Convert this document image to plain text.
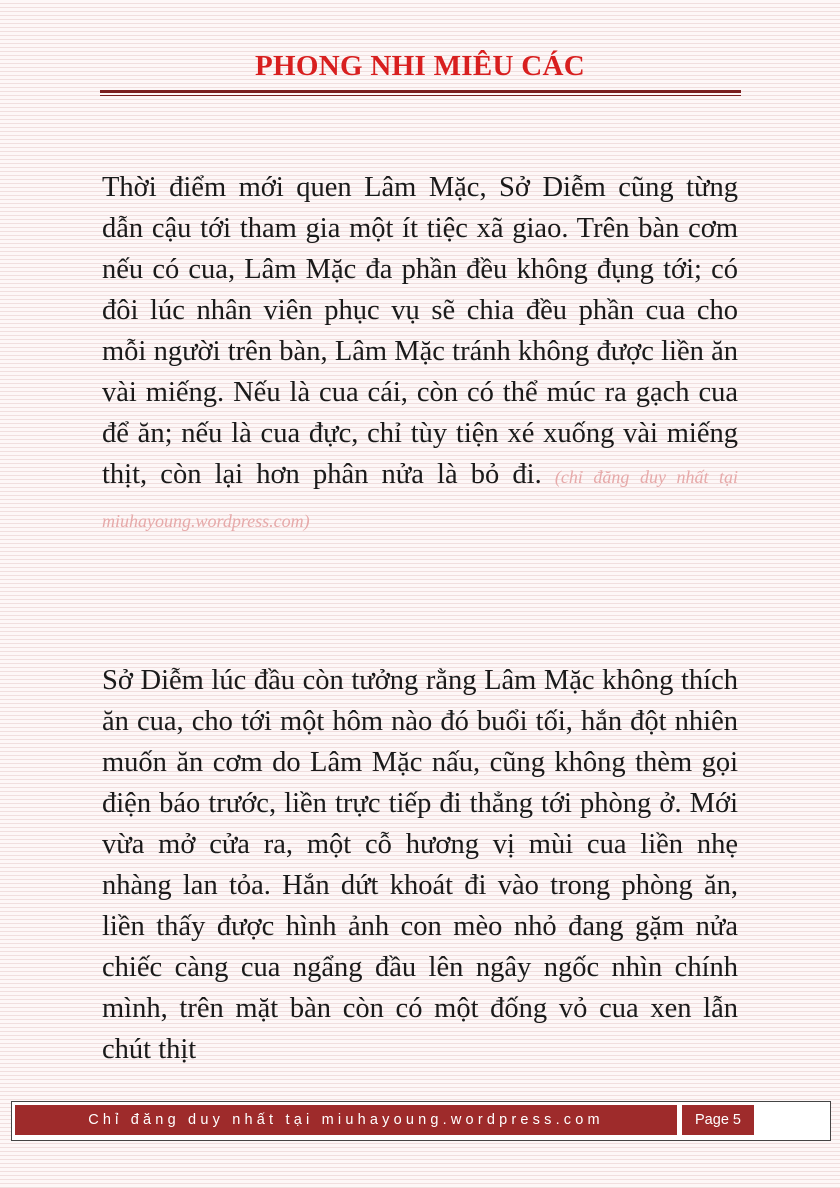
PHONG NHI MIÊU CÁC
Thời điểm mới quen Lâm Mặc, Sở Diễm cũng từng dẫn cậu tới tham gia một ít tiệc xã giao. Trên bàn cơm nếu có cua, Lâm Mặc đa phần đều không đụng tới; có đôi lúc nhân viên phục vụ sẽ chia đều phần cua cho mỗi người trên bàn, Lâm Mặc tránh không được liền ăn vài miếng. Nếu là cua cái, còn có thể múc ra gạch cua để ăn; nếu là cua đực, chỉ tùy tiện xé xuống vài miếng thịt, còn lại hơn phân nửa là bỏ đi. (chỉ đăng duy nhất tại miuhayoung.wordpress.com)
Sở Diễm lúc đầu còn tưởng rằng Lâm Mặc không thích ăn cua, cho tới một hôm nào đó buổi tối, hắn đột nhiên muốn ăn cơm do Lâm Mặc nấu, cũng không thèm gọi điện báo trước, liền trực tiếp đi thẳng tới phòng ở. Mới vừa mở cửa ra, một cỗ hương vị mùi cua liền nhẹ nhàng lan tỏa. Hắn dứt khoát đi vào trong phòng ăn, liền thấy được hình ảnh con mèo nhỏ đang gặm nửa chiếc càng cua ngẩng đầu lên ngây ngốc nhìn chính mình, trên mặt bàn còn có một đống vỏ cua xen lẫn chút thịt
Chỉ đăng duy nhất tại miuhayoung.wordpress.com	Page 5
